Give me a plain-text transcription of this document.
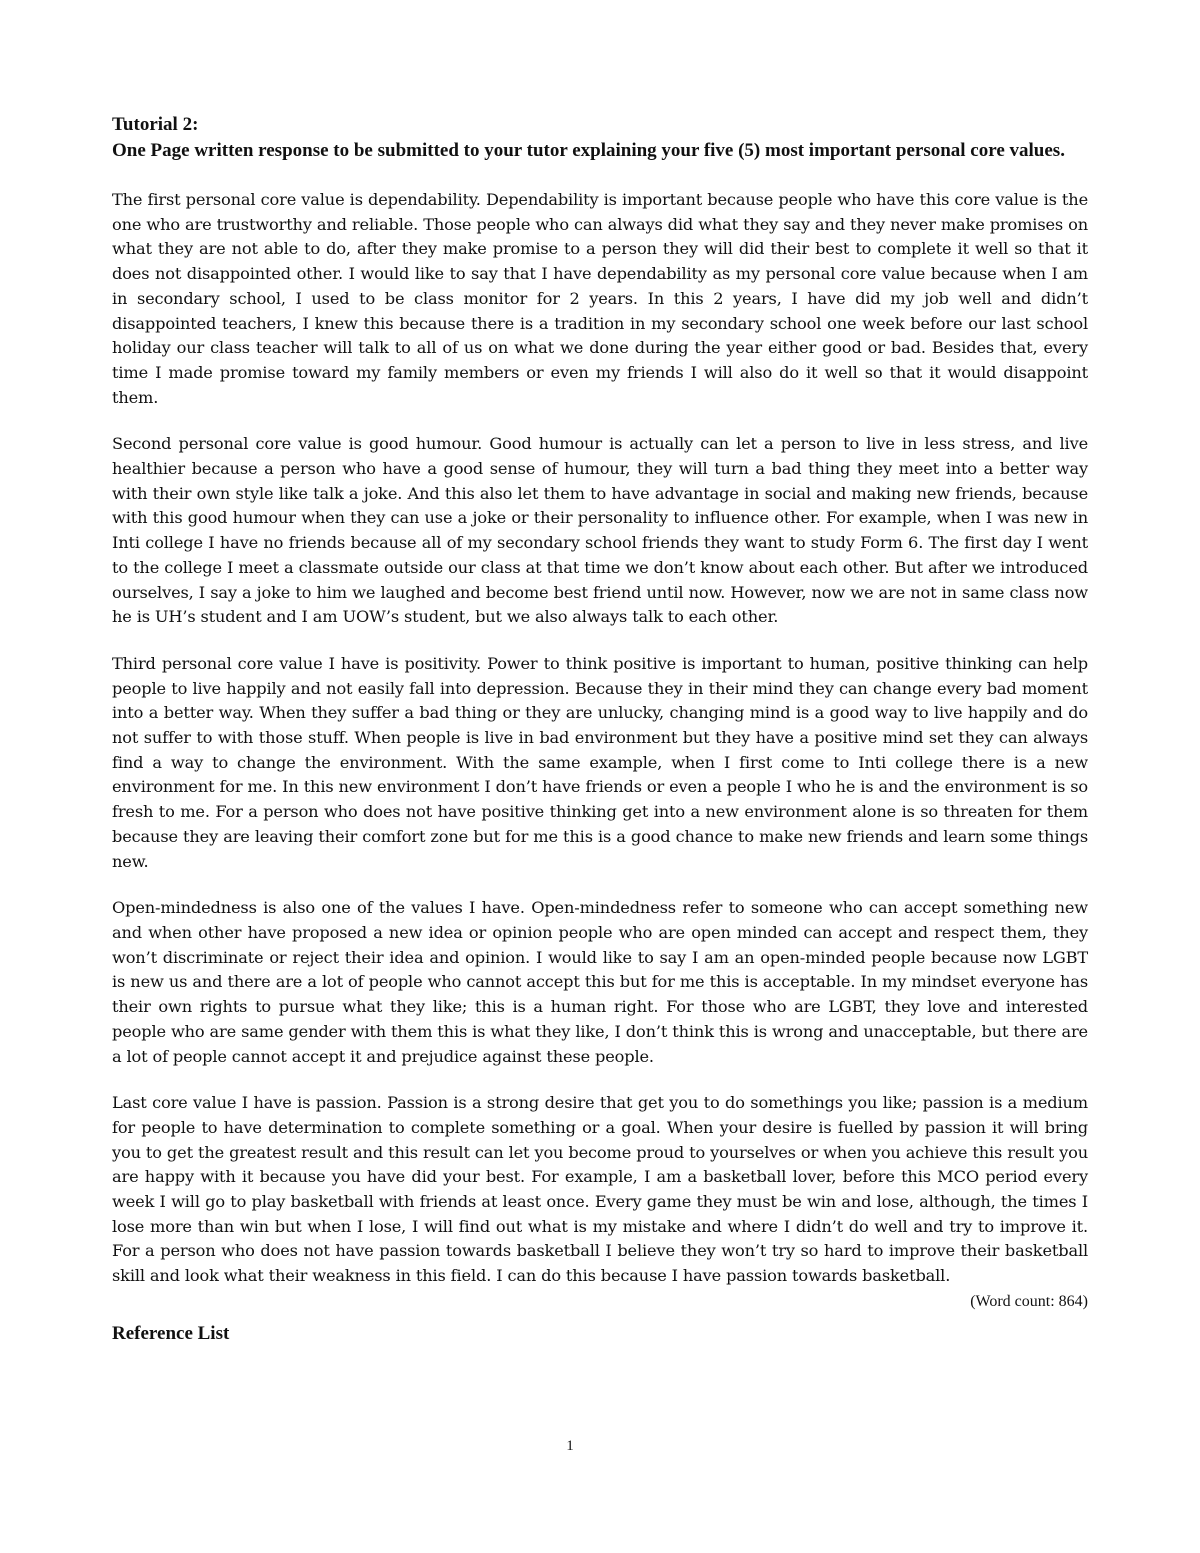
Tutorial 2:

One Page written response to be submitted to your tutor explaining your five (5) most important personal core values.

The first personal core value is dependability. Dependability is important because people who have this core value is the one who are trustworthy and reliable. Those people who can always did what they say and they never make promises on what they are not able to do, after they make promise to a person they will did their best to complete it well so that it does not disappointed other. I would like to say that I have dependability as my personal core value because when I am in secondary school, I used to be class monitor for 2 years. In this 2 years, I have did my job well and didn’t disappointed teachers, I knew this because there is a tradition in my secondary school one week before our last school holiday our class teacher will talk to all of us on what we done during the year either good or bad. Besides that, every time I made promise toward my family members or even my friends I will also do it well so that it would disappoint them.

Second personal core value is good humour. Good humour is actually can let a person to live in less stress, and live healthier because a person who have a good sense of humour, they will turn a bad thing they meet into a better way with their own style like talk a joke. And this also let them to have advantage in social and making new friends, because with this good humour when they can use a joke or their personality to influence other. For example, when I was new in Inti college I have no friends because all of my secondary school friends they want to study Form 6. The first day I went to the college I meet a classmate outside our class at that time we don’t know about each other. But after we introduced ourselves, I say a joke to him we laughed and become best friend until now. However, now we are not in same class now he is UH’s student and I am UOW’s student, but we also always talk to each other.

Third personal core value I have is positivity. Power to think positive is important to human, positive thinking can help people to live happily and not easily fall into depression. Because they in their mind they can change every bad moment into a better way. When they suffer a bad thing or they are unlucky, changing mind is a good way to live happily and do not suffer to with those stuff. When people is live in bad environment but they have a positive mind set they can always find a way to change the environment. With the same example, when I first come to Inti college there is a new environment for me. In this new environment I don’t have friends or even a people I who he is and the environment is so fresh to me. For a person who does not have positive thinking get into a new environment alone is so threaten for them because they are leaving their comfort zone but for me this is a good chance to make new friends and learn some things new.

Open-mindedness is also one of the values I have. Open-mindedness refer to someone who can accept something new and when other have proposed a new idea or opinion people who are open minded can accept and respect them, they won’t discriminate or reject their idea and opinion. I would like to say I am an open-minded people because now LGBT is new us and there are a lot of people who cannot accept this but for me this is acceptable. In my mindset everyone has their own rights to pursue what they like; this is a human right. For those who are LGBT, they love and interested people who are same gender with them this is what they like, I don’t think this is wrong and unacceptable, but there are a lot of people cannot accept it and prejudice against these people.

Last core value I have is passion. Passion is a strong desire that get you to do somethings you like; passion is a medium for people to have determination to complete something or a goal. When your desire is fuelled by passion it will bring you to get the greatest result and this result can let you become proud to yourselves or when you achieve this result you are happy with it because you have did your best. For example, I am a basketball lover, before this MCO period every week I will go to play basketball with friends at least once. Every game they must be win and lose, although, the times I lose more than win but when I lose, I will find out what is my mistake and where I didn’t do well and try to improve it. For a person who does not have passion towards basketball I believe they won’t try so hard to improve their basketball skill and look what their weakness in this field. I can do this because I have passion towards basketball.

(Word count: 864)

Reference List

1
